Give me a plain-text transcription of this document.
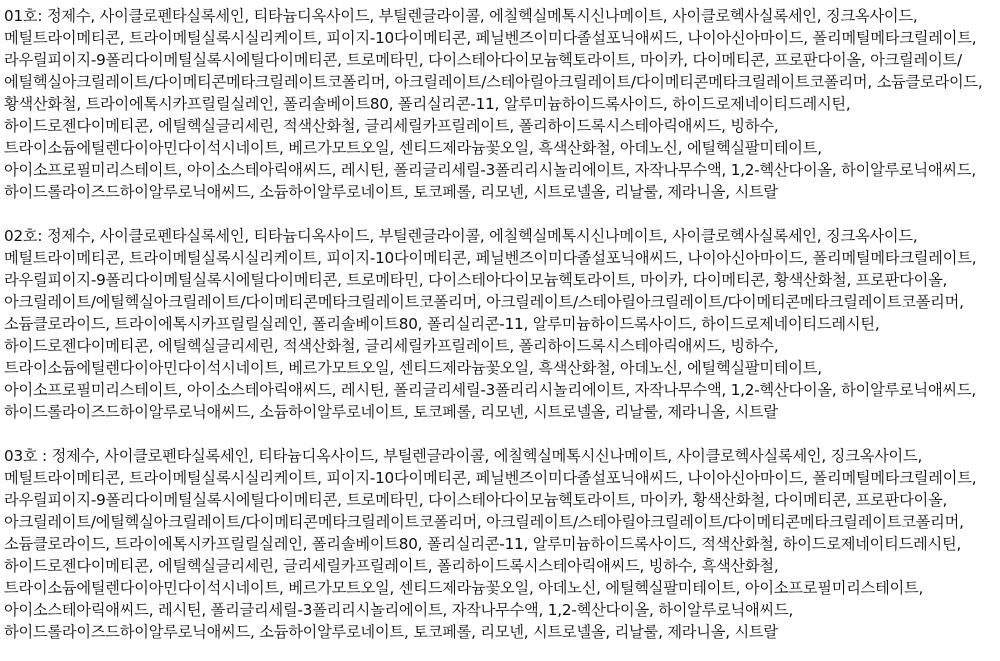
01호: 정제수, 사이클로펜타실록세인, 티타늄디옥사이드, 부틸렌글라이콜, 에칠헥실메톡시신나메이트, 사이클로헥사실록세인, 징크옥사이드, 메틸트라이메티콘, 트라이메틸실록시실리케이트, 피이지-10다이메티콘, 페닐벤즈이미다졸설포닉애씨드, 나이아신아마이드, 폴리메틸메타크릴레이트, 라우릴피이지-9폴리다이메틸실록시에틸다이메티콘, 트로메타민, 다이스테아다이모늄헥토라이트, 마이카, 다이메티콘, 프로판다이올, 아크릴레이트/에틸헥실아크릴레이트/다이메티콘메타크릴레이트코폴리머, 아크릴레이트/스테아릴아크릴레이트/다이메티콘메타크릴레이트코폴리머, 소듐클로라이드, 황색산화철, 트라이에톡시카프릴릴실레인, 폴리솔베이트80, 폴리실리콘-11, 알루미늄하이드록사이드, 하이드로제네이티드레시틴, 하이드로젠다이메티콘, 에틸헥실글리세린, 적색산화철, 글리세릴카프릴레이트, 폴리하이드록시스테아릭애씨드, 빙하수, 트라이소듐에틸렌다이아민다이석시네이트, 베르가모트오일, 센티드제라늄꽃오일, 흑색산화철, 아데노신, 에틸헥실팔미테이트, 아이소프로필미리스테이트, 아이소스테아릭애씨드, 레시틴, 폴리글리세릴-3폴리리시놀리에이트, 자작나무수액, 1,2-헥산다이올, 하이알루로닉애씨드, 하이드롤라이즈드하이알루로닉애씨드, 소듐하이알루로네이트, 토코페롤, 리모넨, 시트로넬올, 리날룰, 제라니올, 시트랄

02호: 정제수, 사이클로펜타실록세인, 티타늄디옥사이드, 부틸렌글라이콜, 에칠헥실메톡시신나메이트, 사이클로헥사실록세인, 징크옥사이드, 메틸트라이메티콘, 트라이메틸실록시실리케이트, 피이지-10다이메티콘, 페닐벤즈이미다졸설포닉애씨드, 나이아신아마이드, 폴리메틸메타크릴레이트, 라우릴피이지-9폴리다이메틸실록시에틸다이메티콘, 트로메타민, 다이스테아다이모늄헥토라이트, 마이카, 다이메티콘, 황색산화철, 프로판다이올, 아크릴레이트/에틸헥실아크릴레이트/다이메티콘메타크릴레이트코폴리머, 아크릴레이트/스테아릴아크릴레이트/다이메티콘메타크릴레이트코폴리머, 소듐클로라이드, 트라이에톡시카프릴릴실레인, 폴리솔베이트80, 폴리실리콘-11, 알루미늄하이드록사이드, 하이드로제네이티드레시틴, 하이드로젠다이메티콘, 에틸헥실글리세린, 적색산화철, 글리세릴카프릴레이트, 폴리하이드록시스테아릭애씨드, 빙하수, 트라이소듐에틸렌다이아민다이석시네이트, 베르가모트오일, 센티드제라늄꽃오일, 흑색산화철, 아데노신, 에틸헥실팔미테이트, 아이소프로필미리스테이트, 아이소스테아릭애씨드, 레시틴, 폴리글리세릴-3폴리리시놀리에이트, 자작나무수액, 1,2-헥산다이올, 하이알루로닉애씨드, 하이드롤라이즈드하이알루로닉애씨드, 소듐하이알루로네이트, 토코페롤, 리모넨, 시트로넬올, 리날룰, 제라니올, 시트랄

03호 : 정제수, 사이클로펜타실록세인, 티타늄디옥사이드, 부틸렌글라이콜, 에칠헥실메톡시신나메이트, 사이클로헥사실록세인, 징크옥사이드, 메틸트라이메티콘, 트라이메틸실록시실리케이트, 피이지-10다이메티콘, 페닐벤즈이미다졸설포닉애씨드, 나이아신아마이드, 폴리메틸메타크릴레이트, 라우릴피이지-9폴리다이메틸실록시에틸다이메티콘, 트로메타민, 다이스테아다이모늄헥토라이트, 마이카, 황색산화철, 다이메티콘, 프로판다이올, 아크릴레이트/에틸헥실아크릴레이트/다이메티콘메타크릴레이트코폴리머, 아크릴레이트/스테아릴아크릴레이트/다이메티콘메타크릴레이트코폴리머, 소듐클로라이드, 트라이에톡시카프릴릴실레인, 폴리솔베이트80, 폴리실리콘-11, 알루미늄하이드록사이드, 적색산화철, 하이드로제네이티드레시틴, 하이드로젠다이메티콘, 에틸헥실글리세린, 글리세릴카프릴레이트, 폴리하이드록시스테아릭애씨드, 빙하수, 흑색산화철, 트라이소듐에틸렌다이아민다이석시네이트, 베르가모트오일, 센티드제라늄꽃오일, 아데노신, 에틸헥실팔미테이트, 아이소프로필미리스테이트, 아이소스테아릭애씨드, 레시틴, 폴리글리세릴-3폴리리시놀리에이트, 자작나무수액, 1,2-헥산다이올, 하이알루로닉애씨드, 하이드롤라이즈드하이알루로닉애씨드, 소듐하이알루로네이트, 토코페롤, 리모넨, 시트로넬올, 리날룰, 제라니올, 시트랄
